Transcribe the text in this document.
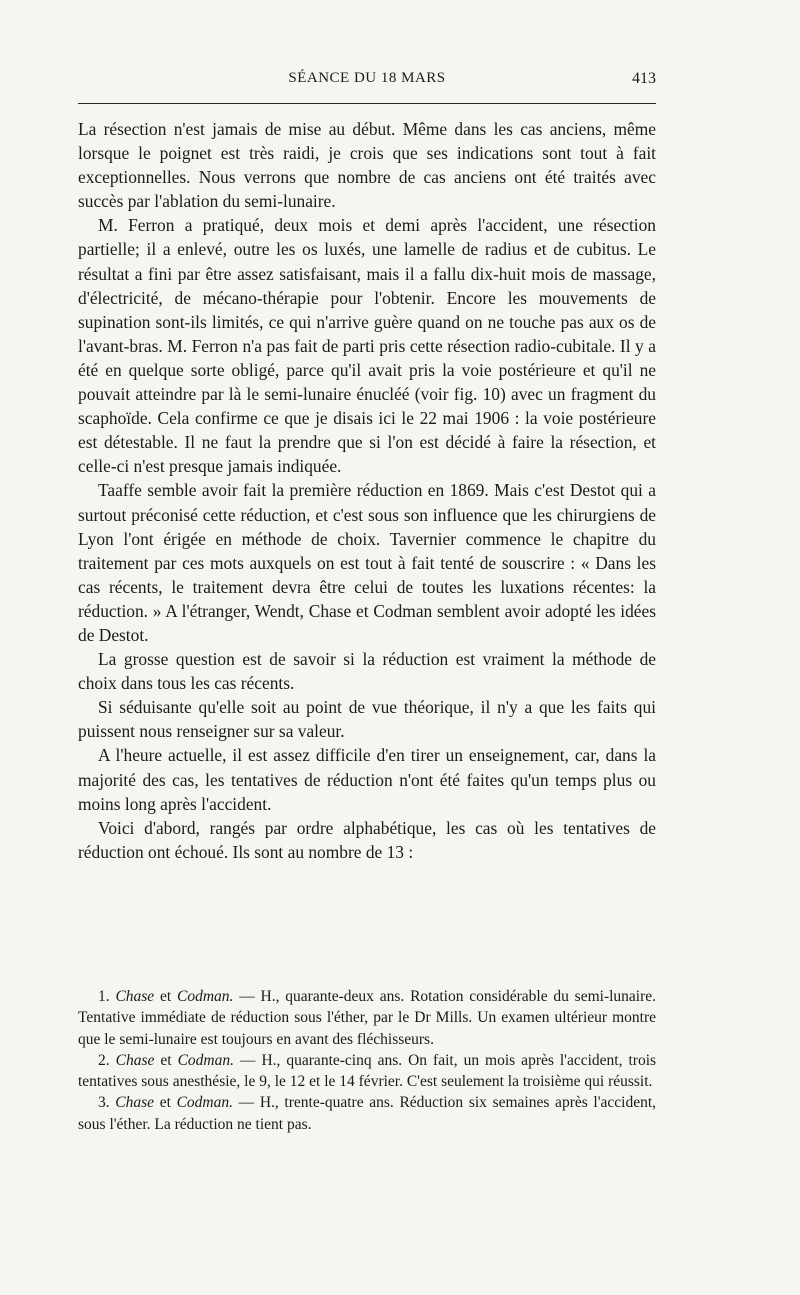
SÉANCE DU 18 MARS	413

La résection n'est jamais de mise au début. Même dans les cas anciens, même lorsque le poignet est très raidi, je crois que ses indications sont tout à fait exceptionnelles. Nous verrons que nombre de cas anciens ont été traités avec succès par l'ablation du semi-lunaire.

M. Ferron a pratiqué, deux mois et demi après l'accident, une résection partielle; il a enlevé, outre les os luxés, une lamelle de radius et de cubitus. Le résultat a fini par être assez satisfaisant, mais il a fallu dix-huit mois de massage, d'électricité, de mécano-thérapie pour l'obtenir. Encore les mouvements de supination sont-ils limités, ce qui n'arrive guère quand on ne touche pas aux os de l'avant-bras. M. Ferron n'a pas fait de parti pris cette résection radio-cubitale. Il y a été en quelque sorte obligé, parce qu'il avait pris la voie postérieure et qu'il ne pouvait atteindre par là le semi-lunaire énucléé (voir fig. 10) avec un fragment du scaphoïde. Cela confirme ce que je disais ici le 22 mai 1906 : la voie postérieure est détestable. Il ne faut la prendre que si l'on est décidé à faire la résection, et celle-ci n'est presque jamais indiquée.

Taaffe semble avoir fait la première réduction en 1869. Mais c'est Destot qui a surtout préconisé cette réduction, et c'est sous son influence que les chirurgiens de Lyon l'ont érigée en méthode de choix. Tavernier commence le chapitre du traitement par ces mots auxquels on est tout à fait tenté de souscrire : « Dans les cas récents, le traitement devra être celui de toutes les luxations récentes: la réduction. » A l'étranger, Wendt, Chase et Codman semblent avoir adopté les idées de Destot.

La grosse question est de savoir si la réduction est vraiment la méthode de choix dans tous les cas récents.

Si séduisante qu'elle soit au point de vue théorique, il n'y a que les faits qui puissent nous renseigner sur sa valeur.

A l'heure actuelle, il est assez difficile d'en tirer un enseignement, car, dans la majorité des cas, les tentatives de réduction n'ont été faites qu'un temps plus ou moins long après l'accident.

Voici d'abord, rangés par ordre alphabétique, les cas où les tentatives de réduction ont échoué. Ils sont au nombre de 13 :

1. Chase et Codman. — H., quarante-deux ans. Rotation considérable du semi-lunaire. Tentative immédiate de réduction sous l'éther, par le Dr Mills. Un examen ultérieur montre que le semi-lunaire est toujours en avant des fléchisseurs.

2. Chase et Codman. — H., quarante-cinq ans. On fait, un mois après l'accident, trois tentatives sous anesthésie, le 9, le 12 et le 14 février. C'est seulement la troisième qui réussit.

3. Chase et Codman. — H., trente-quatre ans. Réduction six semaines après l'accident, sous l'éther. La réduction ne tient pas.
